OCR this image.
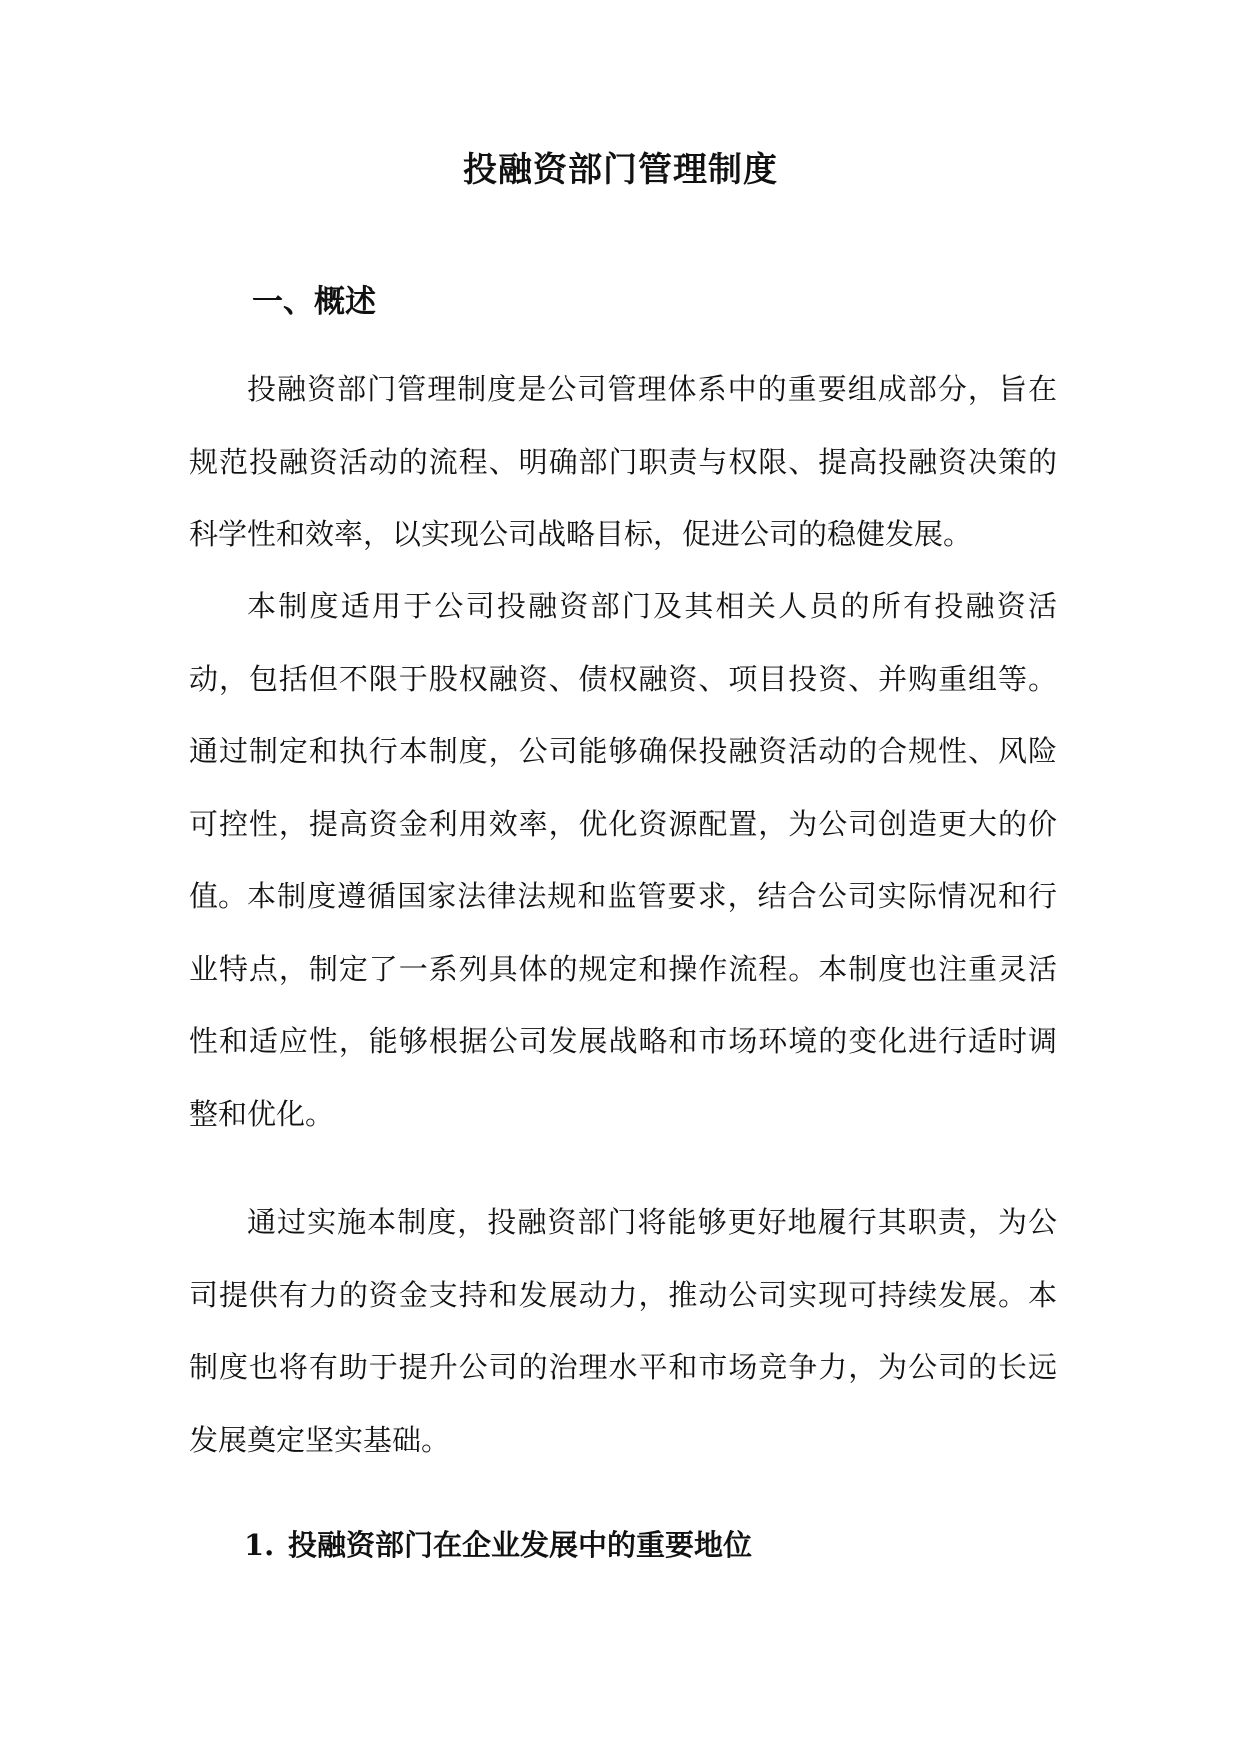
投融资部门管理制度
一、概述

投融资部门管理制度是公司管理体系中的重要组成部分，旨在规范投融资活动的流程、明确部门职责与权限、提高投融资决策的科学性和效率，以实现公司战略目标，促进公司的稳健发展。

本制度适用于公司投融资部门及其相关人员的所有投融资活动，包括但不限于股权融资、债权融资、项目投资、并购重组等。通过制定和执行本制度，公司能够确保投融资活动的合规性、风险可控性，提高资金利用效率，优化资源配置，为公司创造更大的价值。 本制度遵循国家法律法规和监管要求，结合公司实际情况和行业特点，制定了一系列具体的规定和操作流程。本制度也注重灵活性和适应性，能够根据公司发展战略和市场环境的变化进行适时调整和优化。

通过实施本制度，投融资部门将能够更好地履行其职责，为公司提供有力的资金支持和发展动力，推动公司实现可持续发展。本制度也将有助于提升公司的治理水平和市场竞争力，为公司的长远发展奠定坚实基础。

1. 投融资部门在企业发展中的重要地位
